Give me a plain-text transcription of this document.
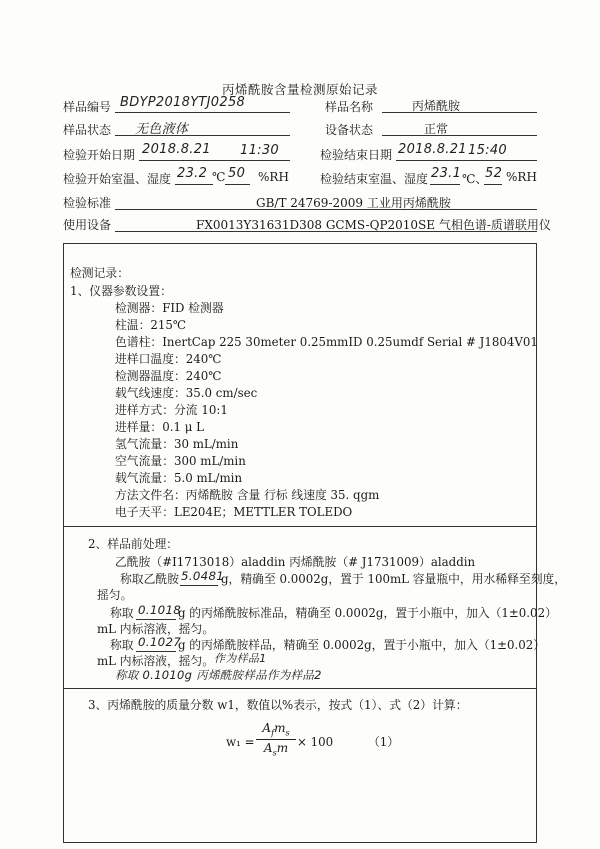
丙烯酰胺含量检测原始记录
样品编号 BDYP2018YTJ0258	样品名称	丙烯酰胺
样品状态 无色液体	设备状态	正常
检验开始日期 2018.8.21 11:30	检验结束日期 2018.8.21 15:40
检验开始室温、湿度 23.2 ℃ 50 %RH	检验结束室温、湿度 23.1 ℃、
52 %RH
检验标准	GB/T 24769-2009 工业用丙烯酰胺
使用设备	FX0013Y31631D308 GCMS-QP2010SE 气相色谱-质谱联用仪
检测记录：
1、仪器参数设置：
检测器：FID 检测器
柱温：215℃
色谱柱：InertCap 225 30meter 0.25mmID 0.25umdf Serial # J1804V01
进样口温度：240℃
检测器温度：240℃
载气线速度：35.0 cm/sec
进样方式：分流 10:1
进样量：0.1 μ L
氢气流量：30 mL/min
空气流量：300 mL/min
载气流量：5.0 mL/min
方法文件名：丙烯酰胺 含量 行标 线速度 35. qgm
电子天平：LE204E；METTLER TOLEDO
2、样品前处理：
乙酰胺（#I1713018）aladdin 丙烯酰胺（# J1731009）aladdin
称取乙酰胺 5.0481
g，精确至 0.0002g，置于 100mL 容量瓶中，用水稀释至刻度，
摇匀。
称取 0.1018
g 的丙烯酰胺标准品，精确至 0.0002g，置于小瓶中，加入（1±0.02）
mL 内标溶液，摇匀。
称取 0.1027
g 的丙烯酰胺样品，精确至 0.0002g，置于小瓶中，加入（1±0.02）
mL 内标溶液，摇匀。 作为样品1
称取 0.1010g 丙烯酰胺样品作为样品2
3、丙烯酰胺的质量分数 w1，数值以%表示，按式（1）、式（2）计算：
w₁ =
$A_fm_s$
$A_sm \times 100$	（1）
